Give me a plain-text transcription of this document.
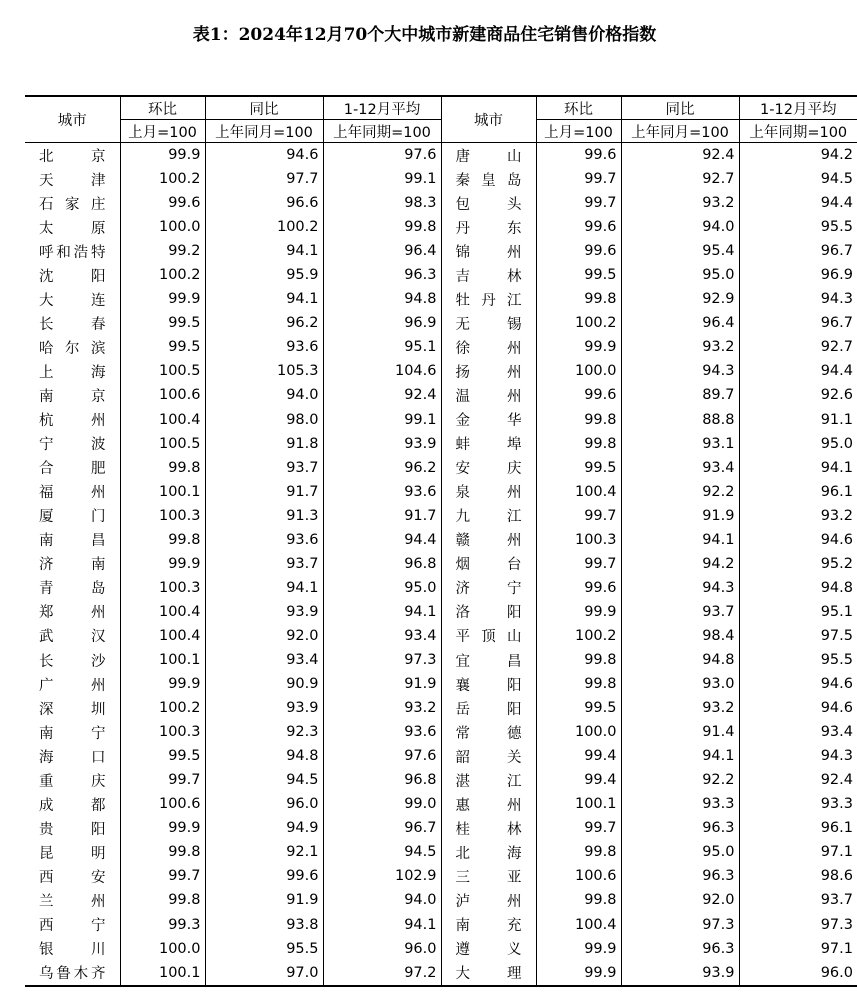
表1：2024年12月70个大中城市新建商品住宅销售价格指数
城市	环比	同比	1-12月平均	城市	环比	同比	1-12月平均
	上月=100	上年同月=100	上年同期=100		上月=100	上年同月=100	上年同期=100
北京	99.9	94.6	97.6	唐山	99.6	92.4	94.2
天津	100.2	97.7	99.1	秦皇岛	99.7	92.7	94.5
石家庄	99.6	96.6	98.3	包头	99.7	93.2	94.4
太原	100.0	100.2	99.8	丹东	99.6	94.0	95.5
呼和浩特	99.2	94.1	96.4	锦州	99.6	95.4	96.7
沈阳	100.2	95.9	96.3	吉林	99.5	95.0	96.9
大连	99.9	94.1	94.8	牡丹江	99.8	92.9	94.3
长春	99.5	96.2	96.9	无锡	100.2	96.4	96.7
哈尔滨	99.5	93.6	95.1	徐州	99.9	93.2	92.7
上海	100.5	105.3	104.6	扬州	100.0	94.3	94.4
南京	100.6	94.0	92.4	温州	99.6	89.7	92.6
杭州	100.4	98.0	99.1	金华	99.8	88.8	91.1
宁波	100.5	91.8	93.9	蚌埠	99.8	93.1	95.0
合肥	99.8	93.7	96.2	安庆	99.5	93.4	94.1
福州	100.1	91.7	93.6	泉州	100.4	92.2	96.1
厦门	100.3	91.3	91.7	九江	99.7	91.9	93.2
南昌	99.8	93.6	94.4	赣州	100.3	94.1	94.6
济南	99.9	93.7	96.8	烟台	99.7	94.2	95.2
青岛	100.3	94.1	95.0	济宁	99.6	94.3	94.8
郑州	100.4	93.9	94.1	洛阳	99.9	93.7	95.1
武汉	100.4	92.0	93.4	平顶山	100.2	98.4	97.5
长沙	100.1	93.4	97.3	宜昌	99.8	94.8	95.5
广州	99.9	90.9	91.9	襄阳	99.8	93.0	94.6
深圳	100.2	93.9	93.2	岳阳	99.5	93.2	94.6
南宁	100.3	92.3	93.6	常德	100.0	91.4	93.4
海口	99.5	94.8	97.6	韶关	99.4	94.1	94.3
重庆	99.7	94.5	96.8	湛江	99.4	92.2	92.4
成都	100.6	96.0	99.0	惠州	100.1	93.3	93.3
贵阳	99.9	94.9	96.7	桂林	99.7	96.3	96.1
昆明	99.8	92.1	94.5	北海	99.8	95.0	97.1
西安	99.7	99.6	102.9	三亚	100.6	96.3	98.6
兰州	99.8	91.9	94.0	泸州	99.8	92.0	93.7
西宁	99.3	93.8	94.1	南充	100.4	97.3	97.3
银川	100.0	95.5	96.0	遵义	99.9	96.3	97.1
乌鲁木齐	100.1	97.0	97.2	大理	99.9	93.9	96.0
